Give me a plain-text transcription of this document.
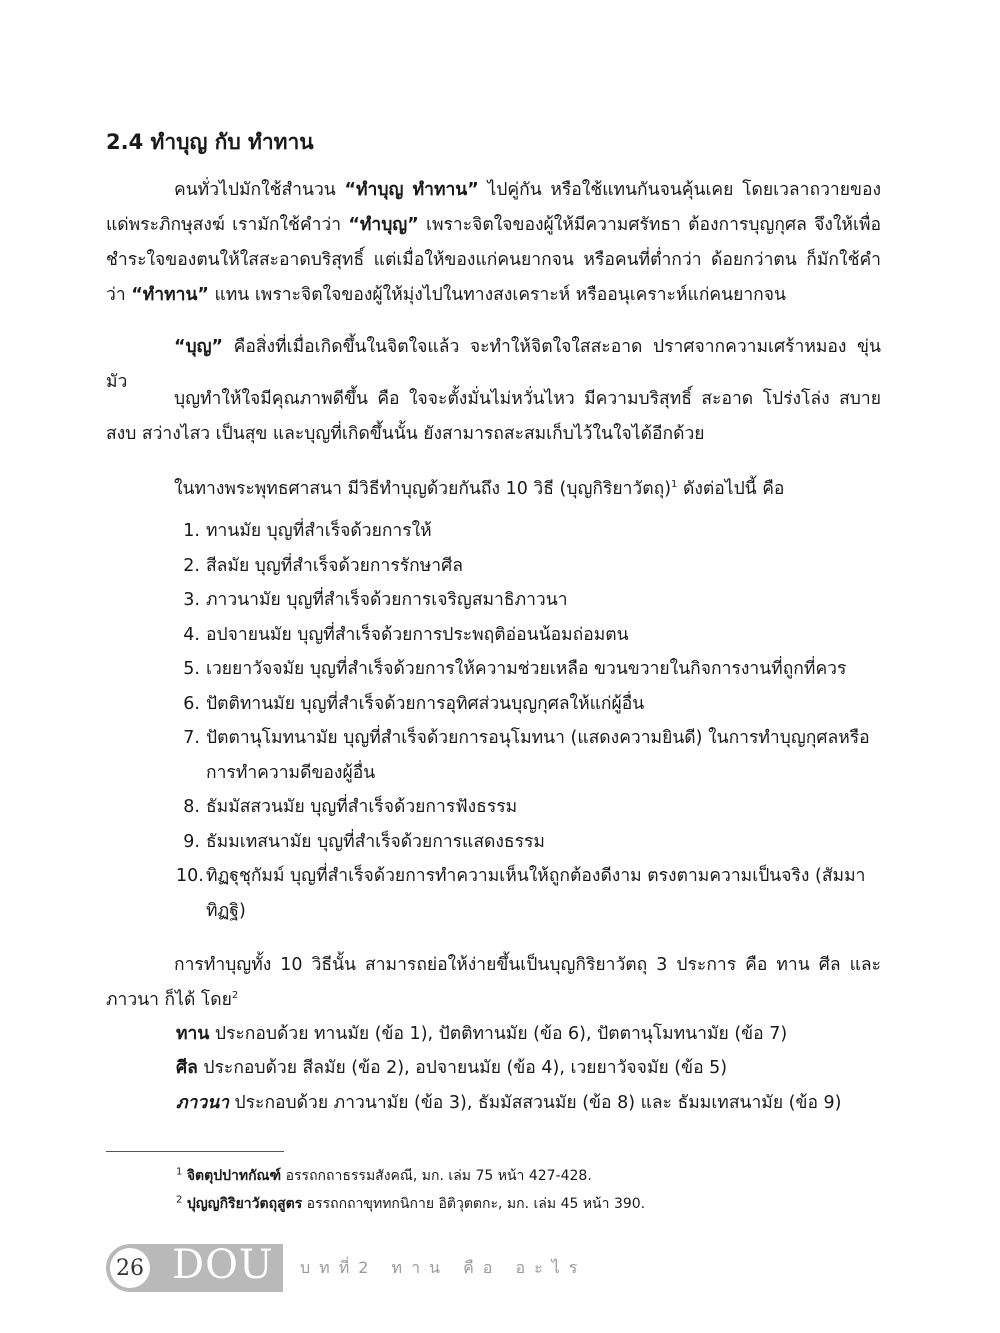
2.4 ทำบุญ กับ ทำทาน
คนทั่วไปมักใช้สำนวน “ทำบุญ ทำทาน” ไปคู่กัน หรือใช้แทนกันจนคุ้นเคย โดยเวลาถวายของแด่พระภิกษุสงฆ์ เรามักใช้คำว่า “ทำบุญ” เพราะจิตใจของผู้ให้มีความศรัทธา ต้องการบุญกุศล จึงให้เพื่อชำระใจของตนให้ใสสะอาดบริสุทธิ์ แต่เมื่อให้ของแก่คนยากจน หรือคนที่ต่ำกว่า ด้อยกว่าตน ก็มักใช้คำว่า “ทำทาน” แทน เพราะจิตใจของผู้ให้มุ่งไปในทางสงเคราะห์ หรืออนุเคราะห์แก่คนยากจน
“บุญ” คือสิ่งที่เมื่อเกิดขึ้นในจิตใจแล้ว จะทำให้จิตใจใสสะอาด ปราศจากความเศร้าหมอง ขุ่นมัว
บุญทำให้ใจมีคุณภาพดีขึ้น คือ ใจจะตั้งมั่นไม่หวั่นไหว มีความบริสุทธิ์ สะอาด โปร่งโล่ง สบาย สงบ สว่างไสว เป็นสุข และบุญที่เกิดขึ้นนั้น ยังสามารถสะสมเก็บไว้ในใจได้อีกด้วย
ในทางพระพุทธศาสนา มีวิธีทำบุญด้วยกันถึง 10 วิธี (บุญกิริยาวัตถุ)$^1$ ดังต่อไปนี้ คือ
1. ทานมัย บุญที่สำเร็จด้วยการให้
2. สีลมัย บุญที่สำเร็จด้วยการรักษาศีล
3. ภาวนามัย บุญที่สำเร็จด้วยการเจริญสมาธิภาวนา
4. อปจายนมัย บุญที่สำเร็จด้วยการประพฤติอ่อนน้อมถ่อมตน
5. เวยยาวัจจมัย บุญที่สำเร็จด้วยการให้ความช่วยเหลือ ขวนขวายในกิจการงานที่ถูกที่ควร
6. ปัตติทานมัย บุญที่สำเร็จด้วยการอุทิศส่วนบุญกุศลให้แก่ผู้อื่น
7. ปัตตานุโมทนามัย บุญที่สำเร็จด้วยการอนุโมทนา (แสดงความยินดี) ในการทำบุญกุศลหรือการทำความดีของผู้อื่น
8. ธัมมัสสวนมัย บุญที่สำเร็จด้วยการฟังธรรม
9. ธัมมเทสนามัย บุญที่สำเร็จด้วยการแสดงธรรม
10. ทิฏฐุชุกัมม์ บุญที่สำเร็จด้วยการทำความเห็นให้ถูกต้องดีงาม ตรงตามความเป็นจริง (สัมมาทิฏฐิ)
การทำบุญทั้ง 10 วิธีนั้น สามารถย่อให้ง่ายขึ้นเป็นบุญกิริยาวัตถุ 3 ประการ คือ ทาน ศีล และภาวนา ก็ได้ โดย$^2$
ทาน ประกอบด้วย ทานมัย (ข้อ 1), ปัตติทานมัย (ข้อ 6), ปัตตานุโมทนามัย (ข้อ 7)
ศีล ประกอบด้วย สีลมัย (ข้อ 2), อปจายนมัย (ข้อ 4), เวยยาวัจจมัย (ข้อ 5)
ภาวนา ประกอบด้วย ภาวนามัย (ข้อ 3), ธัมมัสสวนมัย (ข้อ 8) และ ธัมมเทสนามัย (ข้อ 9)
$^1$ จิตตุปปาทกัณฑ์ อรรถกถาธรรมสังคณี, มก. เล่ม 75 หน้า 427-428.
$^2$ ปุญญกิริยาวัตถุสูตร อรรถกถาขุททกนิกาย อิติวุตตกะ, มก. เล่ม 45 หน้า 390.
26 DOU บทที่2 ทาน คือ อะไร
